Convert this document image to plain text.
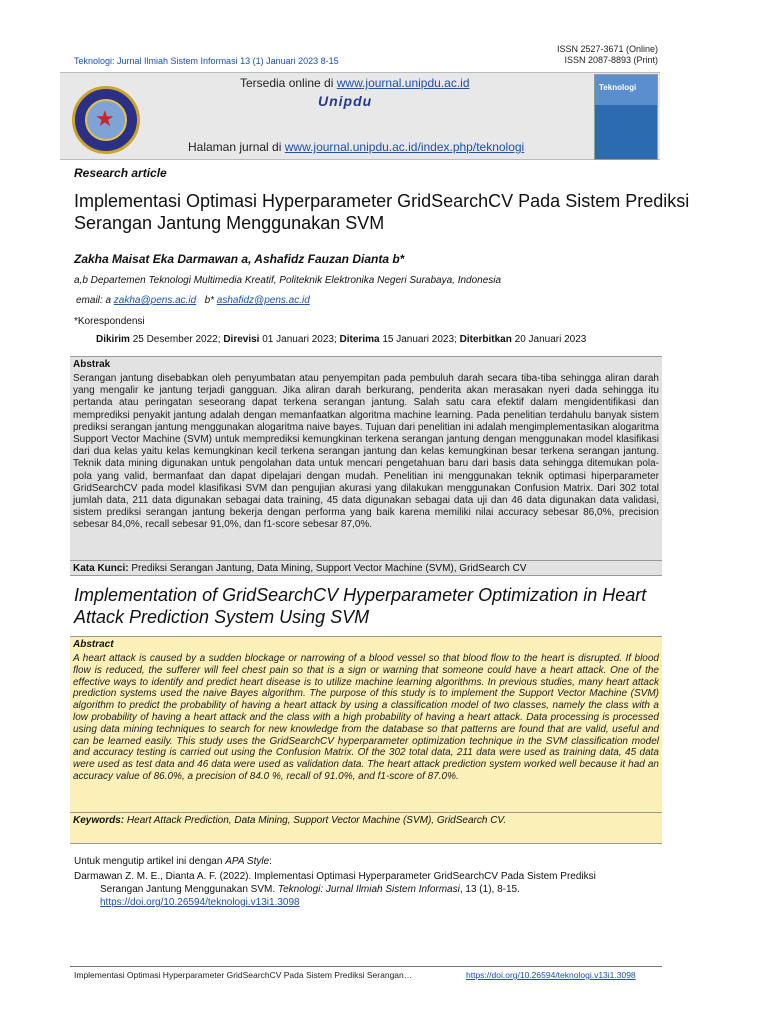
Teknologi: Jurnal Ilmiah Sistem Informasi 13 (1) Januari 2023 8-15
ISSN 2527-3671 (Online)
ISSN 2087-8893 (Print)
★
Tersedia online di www.journal.unipdu.ac.id
Unipdu
Halaman jurnal di www.journal.unipdu.ac.id/index.php/teknologi
Teknologi
Research article
Implementasi Optimasi Hyperparameter GridSearchCV Pada Sistem Prediksi Serangan Jantung Menggunakan SVM
Zakha Maisat Eka Darmawan a, Ashafidz Fauzan Dianta b*
a,b Departemen Teknologi Multimedia Kreatif, Politeknik Elektronika Negeri Surabaya, Indonesia
email: a zakha@pens.ac.id b* ashafidz@pens.ac.id
*Korespondensi
Dikirim 25 Desember 2022; Direvisi 01 Januari 2023; Diterima 15 Januari 2023; Diterbitkan 20 Januari 2023
Abstrak
Serangan jantung disebabkan oleh penyumbatan atau penyempitan pada pembuluh darah secara tiba-tiba sehingga aliran darah yang mengalir ke jantung terjadi gangguan. Jika aliran darah berkurang, penderita akan merasakan nyeri dada sehingga itu pertanda atau peringatan seseorang dapat terkena serangan jantung. Salah satu cara efektif dalam mengidentifikasi dan memprediksi penyakit jantung adalah dengan memanfaatkan algoritma machine learning. Pada penelitian terdahulu banyak sistem prediksi serangan jantung menggunakan alogaritma naive bayes. Tujuan dari penelitian ini adalah mengimplementasikan alogaritma Support Vector Machine (SVM) untuk memprediksi kemungkinan terkena serangan jantung dengan menggunakan model klasifikasi dari dua kelas yaitu kelas kemungkinan kecil terkena serangan jantung dan kelas kemungkinan besar terkena serangan jantung. Teknik data mining digunakan untuk pengolahan data untuk mencari pengetahuan baru dari basis data sehingga ditemukan pola-pola yang valid, bermanfaat dan dapat dipelajari dengan mudah. Penelitian ini menggunakan teknik optimasi hiperparameter GridSearchCV pada model klasifikasi SVM dan pengujian akurasi yang dilakukan menggunakan Confusion Matrix. Dari 302 total jumlah data, 211 data digunakan sebagai data training, 45 data digunakan sebagai data uji dan 46 data digunakan data validasi, sistem prediksi serangan jantung bekerja dengan performa yang baik karena memiliki nilai accuracy sebesar 86,0%, precision sebesar 84,0%, recall sebesar 91,0%, dan f1-score sebesar 87,0%.
Kata Kunci: Prediksi Serangan Jantung, Data Mining, Support Vector Machine (SVM), GridSearch CV
Implementation of GridSearchCV Hyperparameter Optimization in Heart Attack Prediction System Using SVM
Abstract
A heart attack is caused by a sudden blockage or narrowing of a blood vessel so that blood flow to the heart is disrupted. If blood flow is reduced, the sufferer will feel chest pain so that is a sign or warning that someone could have a heart attack. One of the effective ways to identify and predict heart disease is to utilize machine learning algorithms. In previous studies, many heart attack prediction systems used the naive Bayes algorithm. The purpose of this study is to implement the Support Vector Machine (SVM) algorithm to predict the probability of having a heart attack by using a classification model of two classes, namely the class with a low probability of having a heart attack and the class with a high probability of having a heart attack. Data processing is processed using data mining techniques to search for new knowledge from the database so that patterns are found that are valid, useful and can be learned easily. This study uses the GridSearchCV hyperparameter optimization technique in the SVM classification model and accuracy testing is carried out using the Confusion Matrix. Of the 302 total data, 211 data were used as training data, 45 data were used as test data and 46 data were used as validation data. The heart attack prediction system worked well because it had an accuracy value of 86.0%, a precision of 84.0 %, recall of 91.0%, and f1-score of 87.0%.
Keywords: Heart Attack Prediction, Data Mining, Support Vector Machine (SVM), GridSearch CV.
Untuk mengutip artikel ini dengan APA Style:
Darmawan Z. M. E., Dianta A. F. (2022). Implementasi Optimasi Hyperparameter GridSearchCV Pada Sistem Prediksi
Serangan Jantung Menggunakan SVM. Teknologi: Jurnal Ilmiah Sistem Informasi, 13 (1), 8-15.
https://doi.org/10.26594/teknologi.v13i1.3098
Implementasi Optimasi Hyperparameter GridSearchCV Pada Sistem Prediksi Serangan…	https://doi.org/10.26594/teknologi.v13i1.3098
